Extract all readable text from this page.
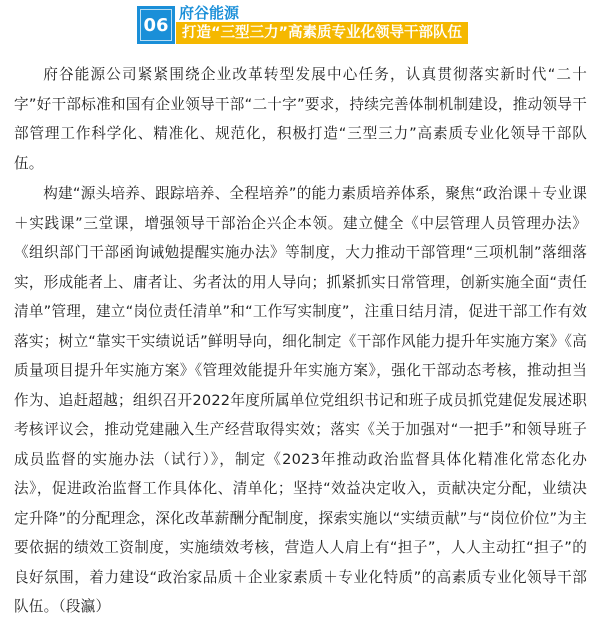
06
府谷能源
打造“三型三力”高素质专业化领导干部队伍

府谷能源公司紧紧围绕企业改革转型发展中心任务，认真贯彻落实新时代“二十字”好干部标准和国有企业领导干部“二十字”要求，持续完善体制机制建设，推动领导干部管理工作科学化、精准化、规范化，积极打造“三型三力”高素质专业化领导干部队伍。

构建“源头培养、跟踪培养、全程培养”的能力素质培养体系，聚焦“政治课＋专业课＋实践课”三堂课，增强领导干部治企兴企本领。建立健全《中层管理人员管理办法》《组织部门干部函询诫勉提醒实施办法》等制度，大力推动干部管理“三项机制”落细落实，形成能者上、庸者让、劣者汰的用人导向；抓紧抓实日常管理，创新实施全面“责任清单”管理，建立“岗位责任清单”和“工作写实制度”，注重日结月清，促进干部工作有效落实；树立“靠实干实绩说话”鲜明导向，细化制定《干部作风能力提升年实施方案》《高质量项目提升年实施方案》《管理效能提升年实施方案》，强化干部动态考核，推动担当作为、追赶超越；组织召开2022年度所属单位党组织书记和班子成员抓党建促发展述职考核评议会，推动党建融入生产经营取得实效；落实《关于加强对“一把手”和领导班子成员监督的实施办法（试行）》，制定《2023年推动政治监督具体化精准化常态化办法》，促进政治监督工作具体化、清单化；坚持“效益决定收入，贡献决定分配，业绩决定升降”的分配理念，深化改革薪酬分配制度，探索实施以“实绩贡献”与“岗位价位”为主要依据的绩效工资制度，实施绩效考核，营造人人肩上有“担子”，人人主动扛“担子”的良好氛围，着力建设“政治家品质＋企业家素质＋专业化特质”的高素质专业化领导干部队伍。（段瀛）
